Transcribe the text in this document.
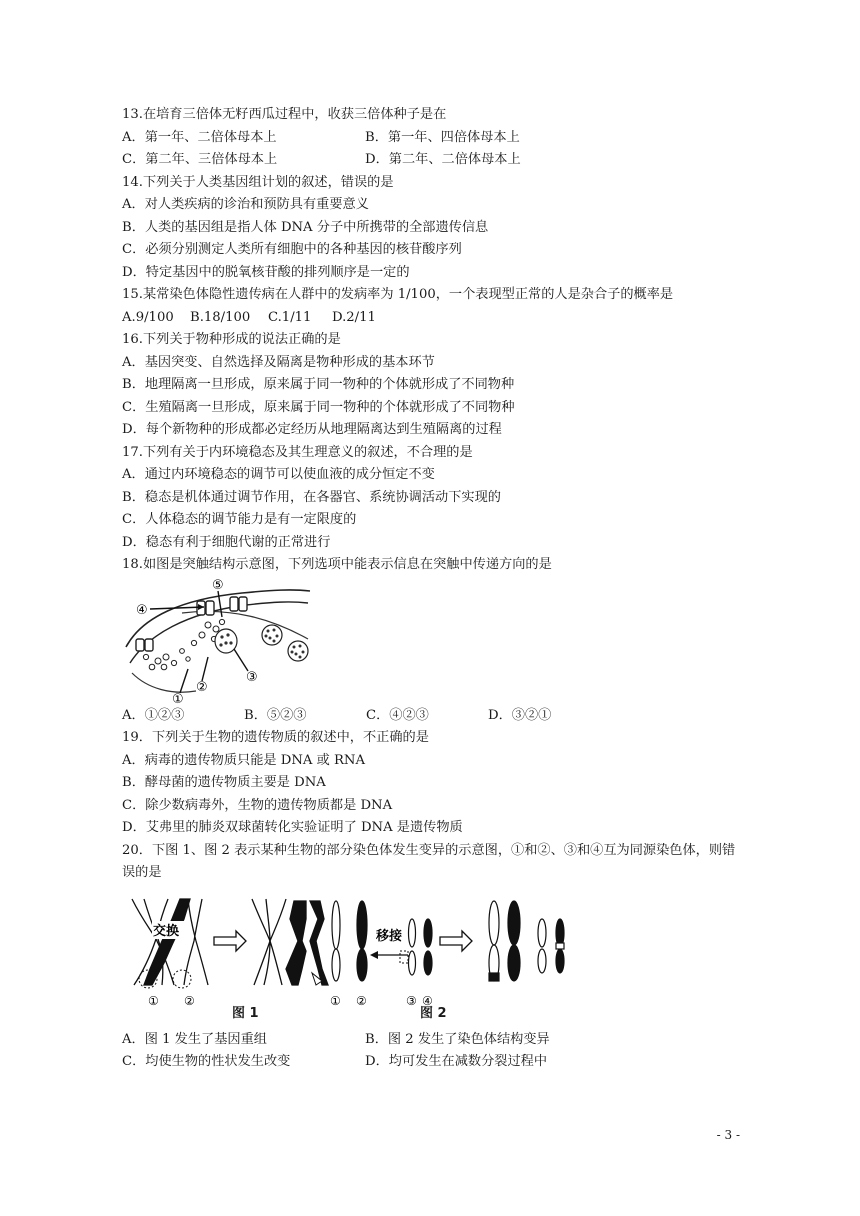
13.在培育三倍体无籽西瓜过程中，收获三倍体种子是在
A．第一年、二倍体母本上	B．第一年、四倍体母本上
C．第二年、三倍体母本上	D．第二年、二倍体母本上
14.下列关于人类基因组计划的叙述，错误的是
A．对人类疾病的诊治和预防具有重要意义
B．人类的基因组是指人体 DNA 分子中所携带的全部遗传信息
C．必须分别测定人类所有细胞中的各种基因的核苷酸序列
D．特定基因中的脱氧核苷酸的排列顺序是一定的
15.某常染色体隐性遗传病在人群中的发病率为 1/100，一个表现型正常的人是杂合子的概率是
A.9/100	B.18/100	C.1/11	D.2/11
16.下列关于物种形成的说法正确的是
A．基因突变、自然选择及隔离是物种形成的基本环节
B．地理隔离一旦形成，原来属于同一物种的个体就形成了不同物种
C．生殖隔离一旦形成，原来属于同一物种的个体就形成了不同物种
D．每个新物种的形成都必定经历从地理隔离达到生殖隔离的过程
17.下列有关于内环境稳态及其生理意义的叙述，不合理的是
A．通过内环境稳态的调节可以使血液的成分恒定不变
B．稳态是机体通过调节作用，在各器官、系统协调活动下实现的
C．人体稳态的调节能力是有一定限度的
D．稳态有利于细胞代谢的正常进行
18.如图是突触结构示意图，下列选项中能表示信息在突触中传递方向的是
④
⑤
①
②
③
A．①②③	B．⑤②③	C．④②③	D．③②①
19．下列关于生物的遗传物质的叙述中，不正确的是
A．病毒的遗传物质只能是 DNA 或 RNA
B．酵母菌的遗传物质主要是 DNA
C．除少数病毒外，生物的遗传物质都是 DNA
D．艾弗里的肺炎双球菌转化实验证明了 DNA 是遗传物质
20．下图 1、图 2 表示某种生物的部分染色体发生变异的示意图，①和②、③和④互为同源染色体，则错误的是
交换
① ②
移接
① ②	③ ④
图 1	图 2
A．图 1 发生了基因重组	B．图 2 发生了染色体结构变异
C．均使生物的性状发生改变	D．均可发生在减数分裂过程中
- 3 -
